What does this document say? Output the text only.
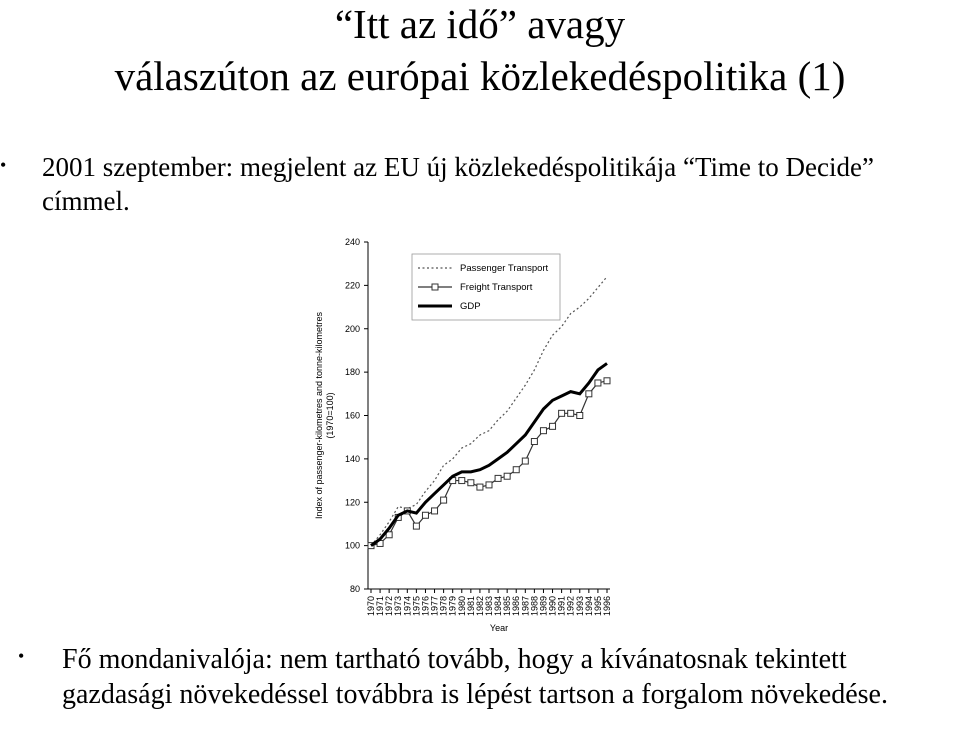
“Itt az idő” avagy
válaszúton az európai közlekedéspolitika (1)
• 2001 szeptember: megjelent az EU új közlekedéspolitikája “Time to Decide” címmel.
80
100
120
140
160
180
200
220
240
Index of passenger-kilometres and tonne-kilometres(1970=100)
1970 1971 1972 1973 1974 1975 1976 1977 1978 1979 1980 1981 1982 1983 1984 1985 1986 1987 1988 1989 1990 1991 1992 1993 1994 1995 1996
Year
Passenger Transport
Freight Transport
GDP
• Fő mondanivalója: nem tartható tovább, hogy a kívánatosnak tekintett gazdasági növekedéssel továbbra is lépést tartson a forgalom növekedése.
